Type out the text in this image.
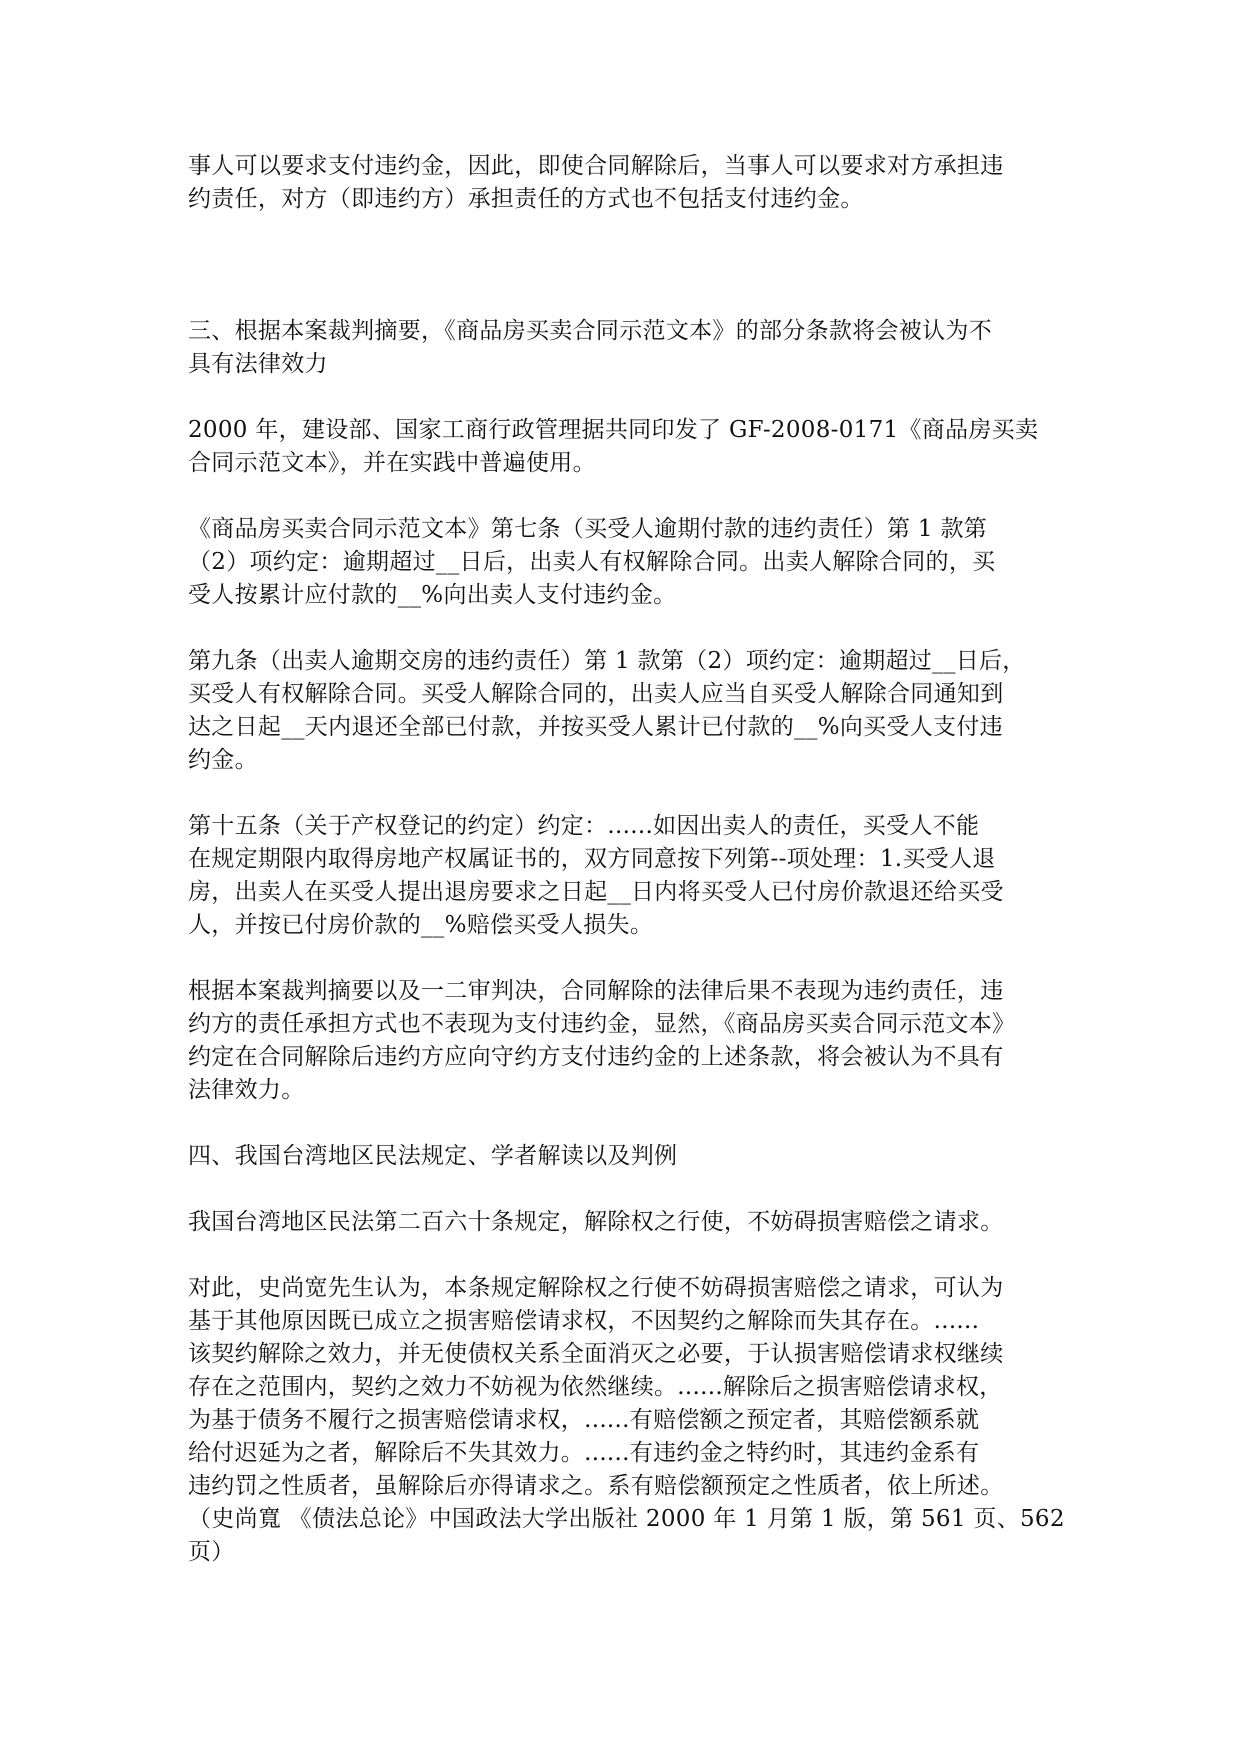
事人可以要求支付违约金，因此，即使合同解除后，当事人可以要求对方承担违
约责任，对方（即违约方）承担责任的方式也不包括支付违约金。

三、根据本案裁判摘要，《商品房买卖合同示范文本》的部分条款将会被认为不
具有法律效力

2000 年，建设部、国家工商行政管理据共同印发了 GF-2008-0171《商品房买卖
合同示范文本》，并在实践中普遍使用。

《商品房买卖合同示范文本》第七条（买受人逾期付款的违约责任）第 1 款第
（2）项约定：逾期超过__日后，出卖人有权解除合同。出卖人解除合同的，买
受人按累计应付款的__%向出卖人支付违约金。

第九条（出卖人逾期交房的违约责任）第 1 款第（2）项约定：逾期超过__日后，
买受人有权解除合同。买受人解除合同的，出卖人应当自买受人解除合同通知到
达之日起__天内退还全部已付款，并按买受人累计已付款的__%向买受人支付违
约金。

第十五条（关于产权登记的约定）约定：......如因出卖人的责任，买受人不能
在规定期限内取得房地产权属证书的，双方同意按下列第--项处理：1.买受人退
房，出卖人在买受人提出退房要求之日起__日内将买受人已付房价款退还给买受
人，并按已付房价款的__%赔偿买受人损失。

根据本案裁判摘要以及一二审判决，合同解除的法律后果不表现为违约责任，违
约方的责任承担方式也不表现为支付违约金，显然，《商品房买卖合同示范文本》
约定在合同解除后违约方应向守约方支付违约金的上述条款，将会被认为不具有
法律效力。

四、我国台湾地区民法规定、学者解读以及判例

我国台湾地区民法第二百六十条规定，解除权之行使，不妨碍损害赔偿之请求。

对此，史尚宽先生认为，本条规定解除权之行使不妨碍损害赔偿之请求，可认为
基于其他原因既已成立之损害赔偿请求权，不因契约之解除而失其存在。......
该契约解除之效力，并无使债权关系全面消灭之必要，于认损害赔偿请求权继续
存在之范围内，契约之效力不妨视为依然继续。......解除后之损害赔偿请求权，
为基于债务不履行之损害赔偿请求权，......有赔偿额之预定者，其赔偿额系就
给付迟延为之者，解除后不失其效力。......有违约金之特约时，其违约金系有
违约罚之性质者，虽解除后亦得请求之。系有赔偿额预定之性质者，依上所述。
（史尚寬 《债法总论》中国政法大学出版社 2000 年 1 月第 1 版，第 561 页、562
页）
